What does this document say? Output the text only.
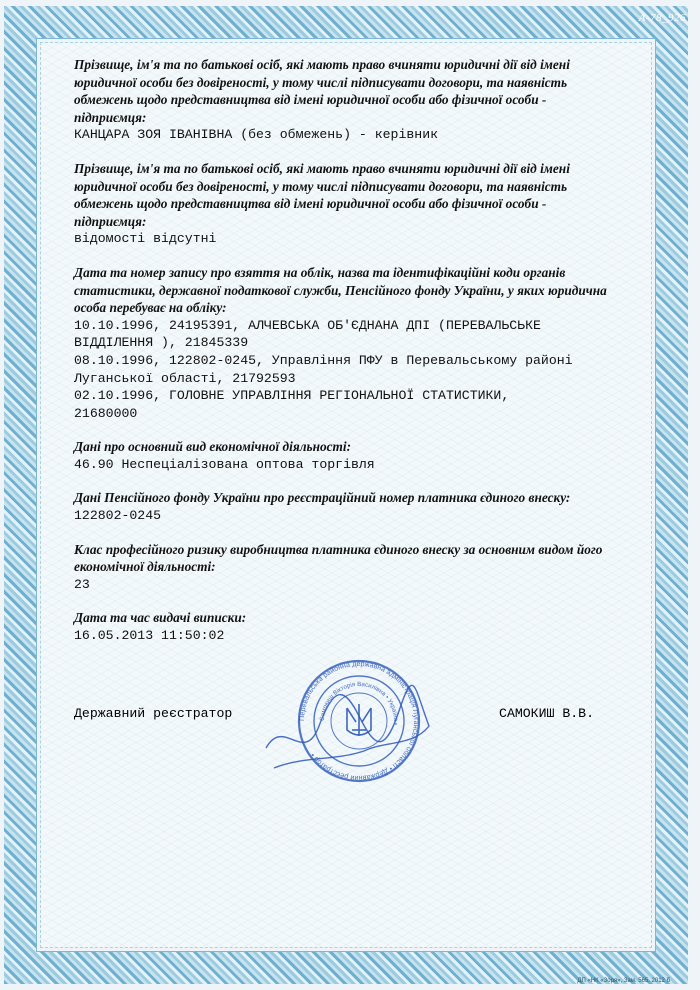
А-78_926

Прізвище, ім'я та по батькові осіб, які мають право вчиняти юридичні дії від імені юридичної особи без довіреності, у тому числі підписувати договори, та наявність обмежень щодо представництва від імені юридичної особи або фізичної особи - підприємця:

КАНЦАРА ЗОЯ ІВАНІВНА (без обмежень) - керівник

Прізвище, ім'я та по батькові осіб, які мають право вчиняти юридичні дії від імені юридичної особи без довіреності, у тому числі підписувати договори, та наявність обмежень щодо представництва від імені юридичної особи або фізичної особи - підприємця:

відомості відсутні

Дата та номер запису про взяття на облік, назва та ідентифікаційні коди органів статистики, державної податкової служби, Пенсійного фонду України, у яких юридична особа перебуває на обліку:

10.10.1996, 24195391, АЛЧЕВСЬКА ОБ'ЄДНАНА ДПІ (ПЕРЕВАЛЬСЬКЕ
ВІДДІЛЕННЯ ), 21845339
08.10.1996, 122802-0245, Управління ПФУ в Перевальському районі
Луганської області, 21792593
02.10.1996, ГОЛОВНЕ УПРАВЛІННЯ РЕГІОНАЛЬНОЇ СТАТИСТИКИ,
21680000

Дані про основний вид економічної діяльності:

46.90 Неспеціалізована оптова торгівля

Дані Пенсійного фонду України про реєстраційний номер платника єдиного внеску:

122802-0245

Клас професійного ризику виробництва платника єдиного внеску за основним видом його економічної діяльності:

23

Дата та час видачі виписки:

16.05.2013 11:50:02

Державний реєстратор	САМОКИШ В.В.
Перевальська районна державна адміністрація Луганської області • Державний реєстратор •
Самокиш Вікторія Василівна • Україна •
ДП «НК «Зоря», Зам. 565. 2012 б
